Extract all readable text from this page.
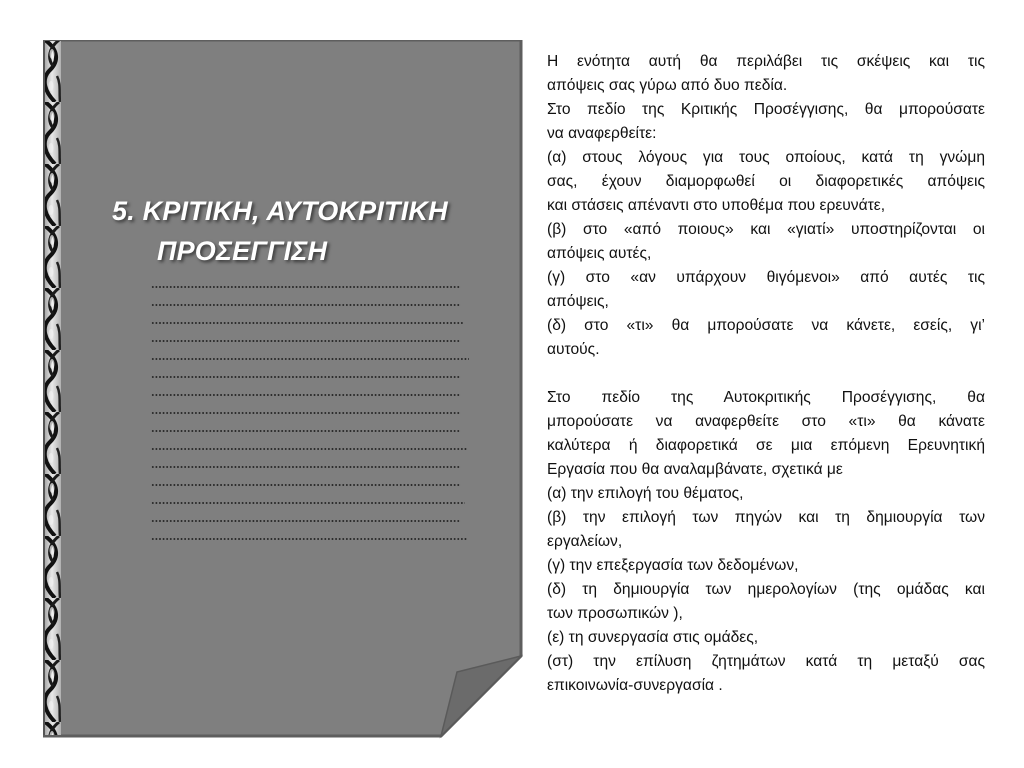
5. ΚΡΙΤΙΚΗ, ΑΥΤΟΚΡΙΤΙΚΗ
ΠΡΟΣΕΓΓΙΣΗ
Η ενότητα αυτή θα περιλάβει τις σκέψεις και τις
απόψεις σας γύρω από δυο πεδία.
Στο πεδίο της Κριτικής Προσέγγισης, θα μπορούσατε
να αναφερθείτε:
(α) στους λόγους για τους οποίους, κατά τη γνώμη
σας, έχουν διαμορφωθεί οι διαφορετικές απόψεις
και στάσεις απέναντι στο υποθέμα που ερευνάτε,
(β) στο «από ποιους» και «γιατί» υποστηρίζονται οι
απόψεις αυτές,
(γ) στο «αν υπάρχουν θιγόμενοι» από αυτές τις
απόψεις,
(δ) στο «τι» θα μπορούσατε να κάνετε, εσείς, γι’
αυτούς.
Στο πεδίο της Αυτοκριτικής Προσέγγισης, θα
μπορούσατε να αναφερθείτε στο «τι» θα κάνατε
καλύτερα ή διαφορετικά σε μια επόμενη Ερευνητική
Εργασία που θα αναλαμβάνατε, σχετικά με
(α) την επιλογή του θέματος,
(β) την επιλογή των πηγών και τη δημιουργία των
εργαλείων,
(γ) την επεξεργασία των δεδομένων,
(δ) τη δημιουργία των ημερολογίων (της ομάδας και
των προσωπικών ),
(ε) τη συνεργασία στις ομάδες,
(στ) την επίλυση ζητημάτων κατά τη μεταξύ σας
επικοινωνία-συνεργασία .
